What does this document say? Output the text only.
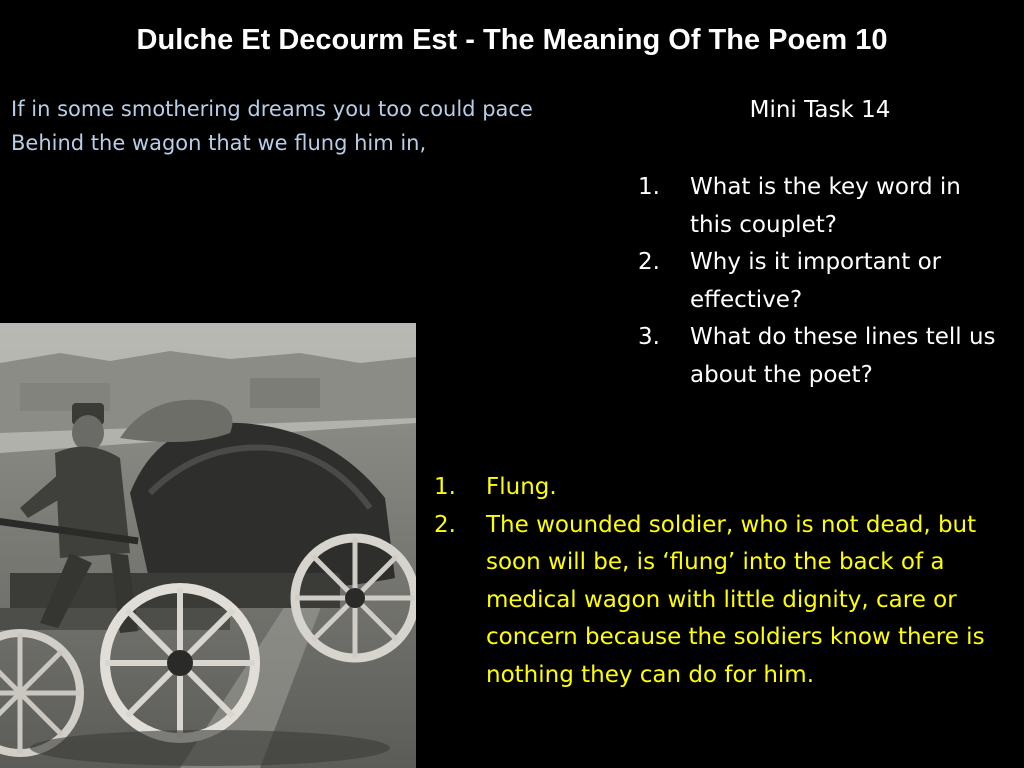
Dulche Et Decourm Est - The Meaning Of The Poem 10
If in some smothering dreams you too could pace
Behind the wagon that we flung him in,
Mini Task 14
1. What is the key word in this couplet?
2. Why is it important or effective?
3. What do these lines tell us about the poet?
1. Flung.
2. The wounded soldier, who is not dead, but soon will be, is ‘flung’ into the back of a medical wagon with little dignity, care or concern because the soldiers know there is nothing they can do for him.
